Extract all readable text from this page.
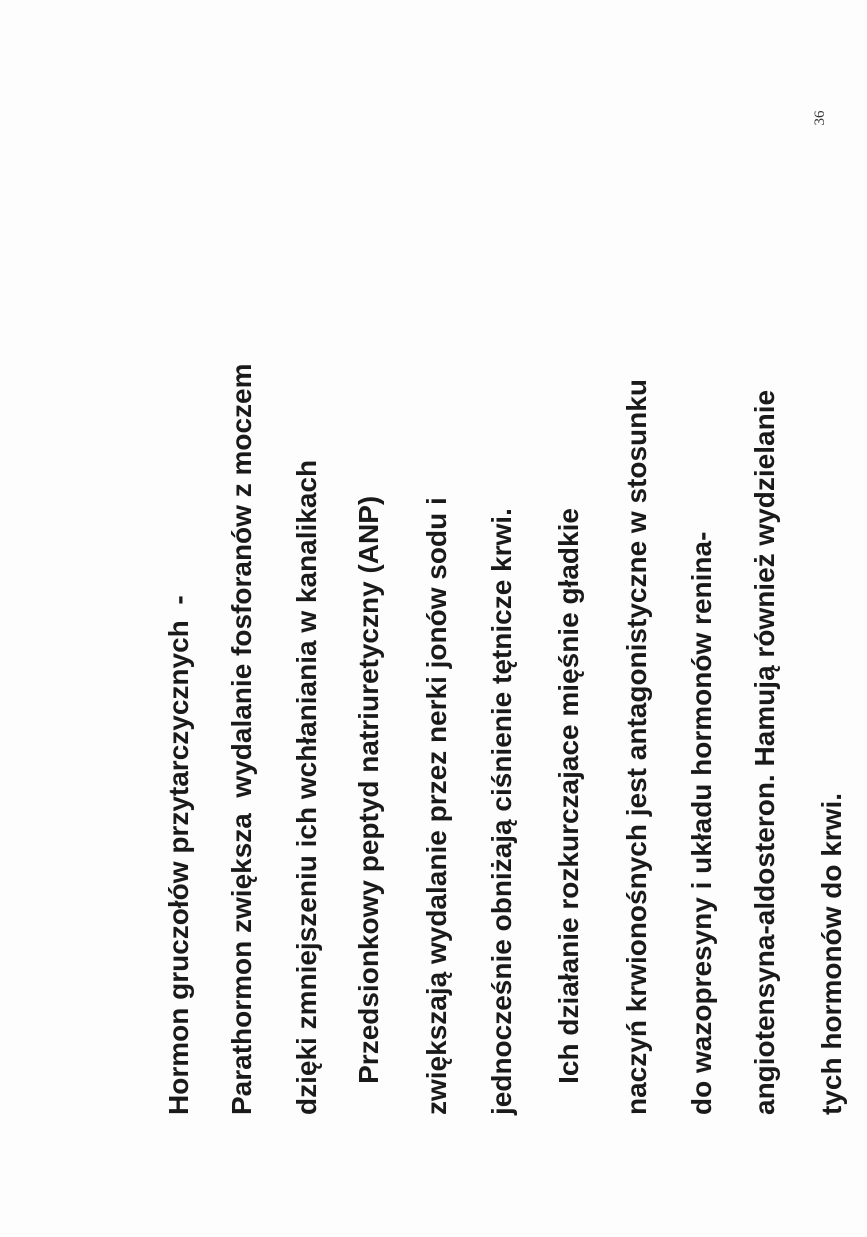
36
Hormon gruczołów przytarczycznych  - Parathormon zwiększa  wydalanie fosforanów z moczem dzięki zmniejszeniu ich wchłaniania w kanalikach Przedsionkowy peptyd natriuretyczny (ANP) zwiększają wydalanie przez nerki jonów sodu i jednocześnie obniżają ciśnienie tętnicze krwi. Ich działanie rozkurczajace mięśnie gładkie naczyń krwionośnych jest antagonistyczne w stosunku do wazopresyny i układu hormonów renina- angiotensyna-aldosteron. Hamują również wydzielanie tych hormonów do krwi.
